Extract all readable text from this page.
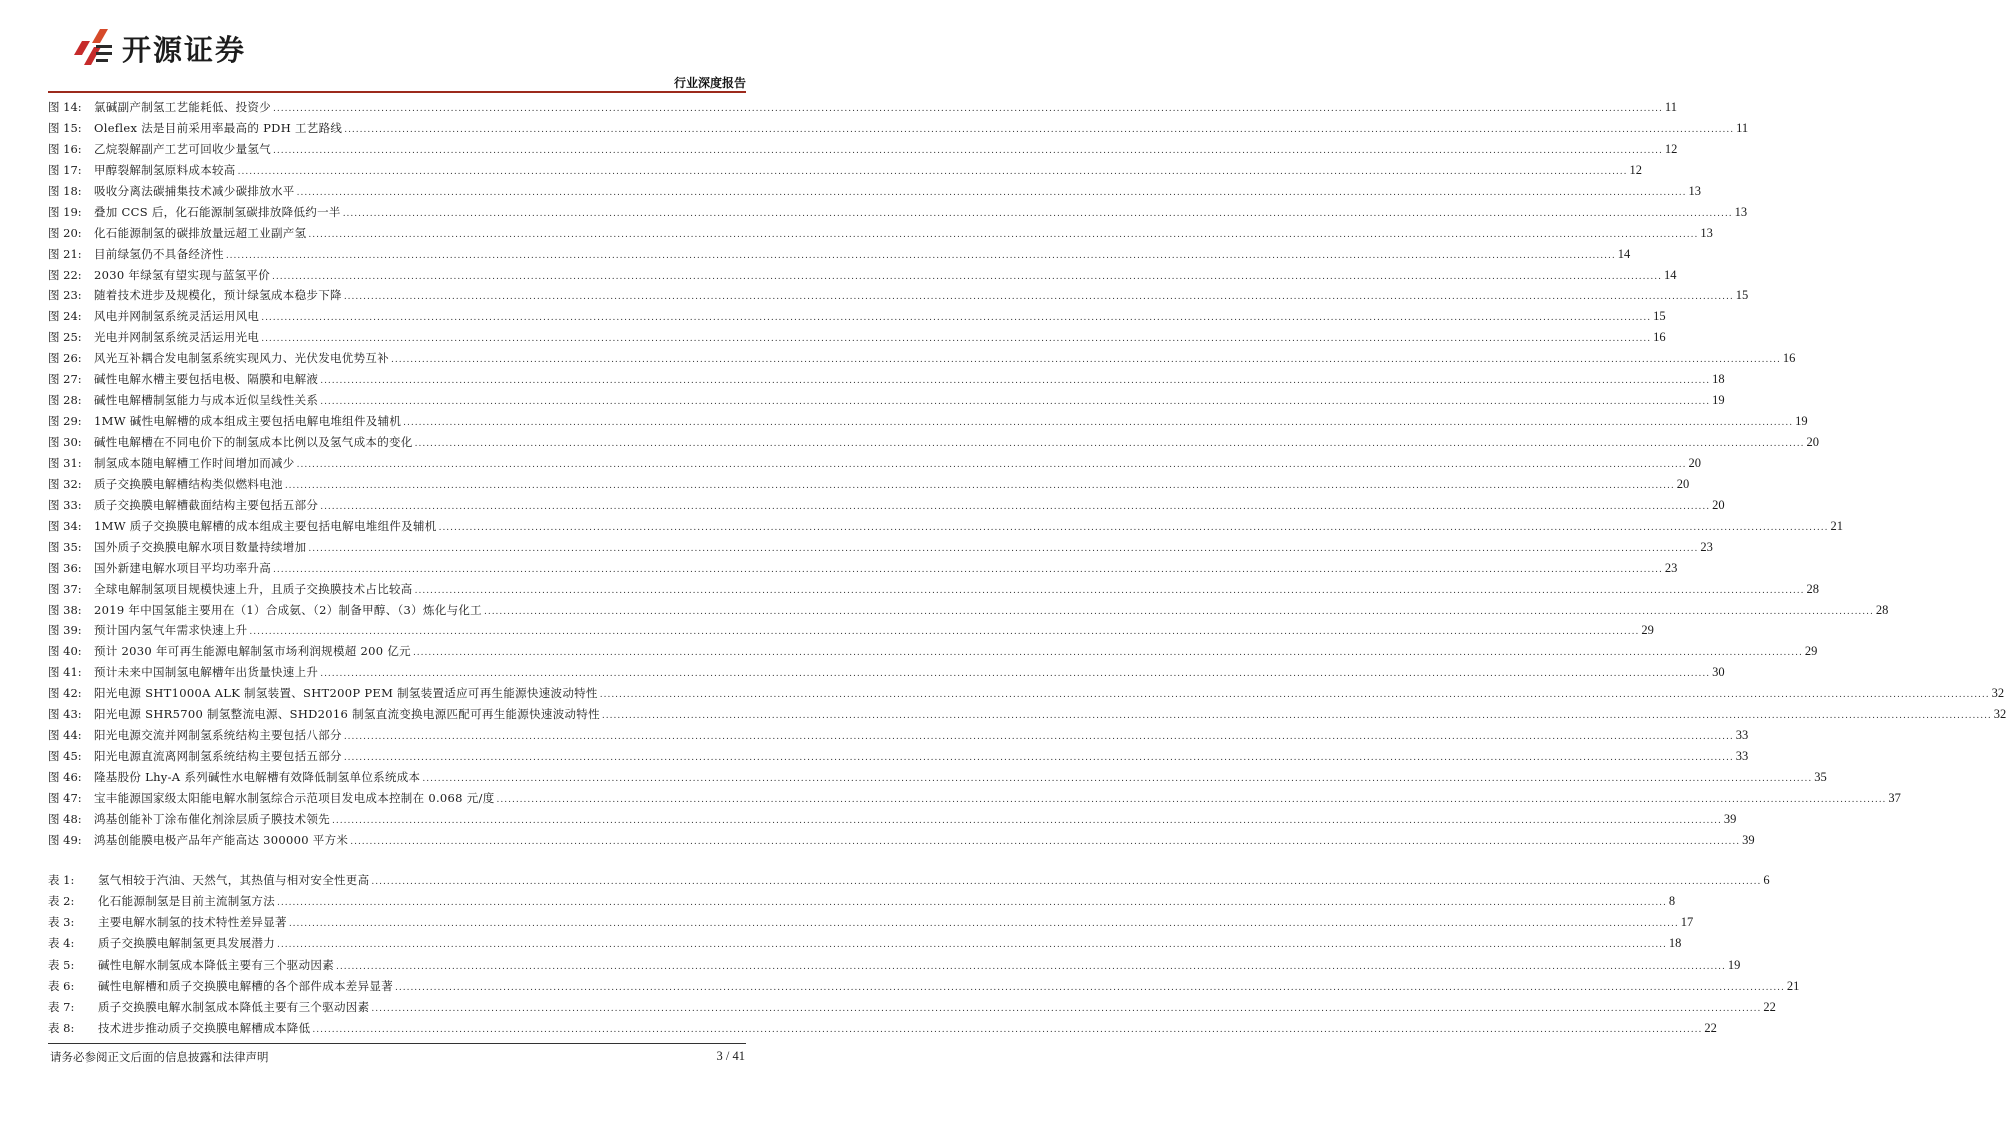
开源证券
行业深度报告
图 14:	氯碱副产制氢工艺能耗低、投资少 .....	11
图 15:	Oleflex 法是目前采用率最高的 PDH 工艺路线 .....	11
图 16:	乙烷裂解副产工艺可回收少量氢气 .....	12
图 17:	甲醇裂解制氢原料成本较高 .....	12
图 18:	吸收分离法碳捕集技术减少碳排放水平 .....	13
图 19:	叠加 CCS 后，化石能源制氢碳排放降低约一半 .....	13
图 20:	化石能源制氢的碳排放量远超工业副产氢 .....	13
图 21:	目前绿氢仍不具备经济性 .....	14
图 22:	2030 年绿氢有望实现与蓝氢平价 .....	14
图 23:	随着技术进步及规模化，预计绿氢成本稳步下降 .....	15
图 24:	风电并网制氢系统灵活运用风电 .....	15
图 25:	光电并网制氢系统灵活运用光电 .....	16
图 26:	风光互补耦合发电制氢系统实现风力、光伏发电优势互补 .....	16
图 27:	碱性电解水槽主要包括电极、隔膜和电解液 .....	18
图 28:	碱性电解槽制氢能力与成本近似呈线性关系 .....	19
图 29:	1MW 碱性电解槽的成本组成主要包括电解电堆组件及辅机 .....	19
图 30:	碱性电解槽在不同电价下的制氢成本比例以及氢气成本的变化 .....	20
图 31:	制氢成本随电解槽工作时间增加而减少 .....	20
图 32:	质子交换膜电解槽结构类似燃料电池 .....	20
图 33:	质子交换膜电解槽截面结构主要包括五部分 .....	20
图 34:	1MW 质子交换膜电解槽的成本组成主要包括电解电堆组件及辅机 .....	21
图 35:	国外质子交换膜电解水项目数量持续增加 .....	23
图 36:	国外新建电解水项目平均功率升高 .....	23
图 37:	全球电解制氢项目规模快速上升，且质子交换膜技术占比较高 .....	28
图 38:	2019 年中国氢能主要用在（1）合成氨、（2）制备甲醇、（3）炼化与化工 .....	28
图 39:	预计国内氢气年需求快速上升 .....	29
图 40:	预计 2030 年可再生能源电解制氢市场利润规模超 200 亿元 .....	29
图 41:	预计未来中国制氢电解槽年出货量快速上升 .....	30
图 42:	阳光电源 SHT1000A ALK 制氢装置、SHT200P PEM 制氢装置适应可再生能源快速波动特性 .....	32
图 43:	阳光电源 SHR5700 制氢整流电源、SHD2016 制氢直流变换电源匹配可再生能源快速波动特性 .....	32
图 44:	阳光电源交流并网制氢系统结构主要包括八部分 .....	33
图 45:	阳光电源直流离网制氢系统结构主要包括五部分 .....	33
图 46:	隆基股份 Lhy-A 系列碱性水电解槽有效降低制氢单位系统成本 .....	35
图 47:	宝丰能源国家级太阳能电解水制氢综合示范项目发电成本控制在 0.068 元/度 .....	37
图 48:	鸿基创能补丁涂布催化剂涂层质子膜技术领先 .....	39
图 49:	鸿基创能膜电极产品年产能高达 300000 平方米 .....	39
表 1:	氢气相较于汽油、天然气，其热值与相对安全性更高 .....	6
表 2:	化石能源制氢是目前主流制氢方法 .....	8
表 3:	主要电解水制氢的技术特性差异显著 .....	17
表 4:	质子交换膜电解制氢更具发展潜力 .....	18
表 5:	碱性电解水制氢成本降低主要有三个驱动因素 .....	19
表 6:	碱性电解槽和质子交换膜电解槽的各个部件成本差异显著 .....	21
表 7:	质子交换膜电解水制氢成本降低主要有三个驱动因素 .....	22
表 8:	技术进步推动质子交换膜电解槽成本降低 .....	22
请务必参阅正文后面的信息披露和法律声明	3 / 41
